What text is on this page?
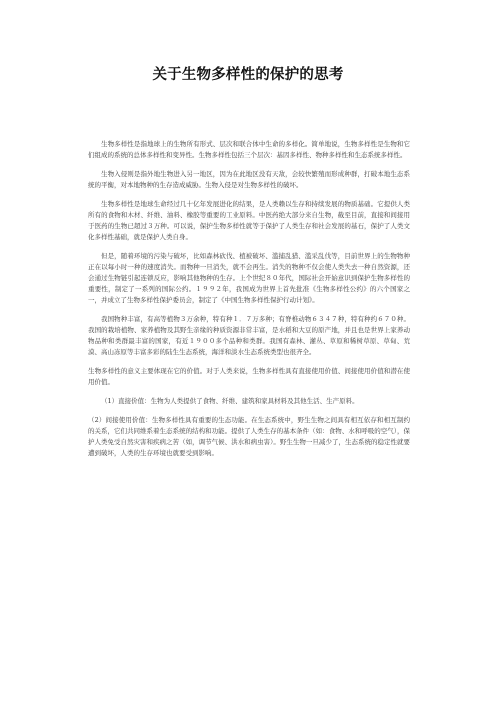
关于生物多样性的保护的思考

生物多样性是指地球上的生物所有形式、层次和联合体中生命的多样化。简单地说，生物多样性是生物和它们组成的系统的总体多样性和变异性。生物多样性包括三个层次：基因多样性、物种多样性和生态系统多样性。

生物入侵则是指外地生物进入另一地区，因为在此地区没有天敌，会较快繁殖而形成种群，打破本地生态系统的平衡，对本地物种的生存造成威胁。生物入侵是对生物多样性的破坏。

生物多样性是地球生命经过几十亿年发展进化的结果，是人类赖以生存和持续发展的物质基础。它提供人类所有的食物和木材、纤维、油料、橡胶等重要的工业原料。中医药绝大部分来自生物，截至目前，直接和间接用于医药的生物已超过３万种。可以说，保护生物多样性就等于保护了人类生存和社会发展的基石，保护了人类文化多样性基础，就是保护人类自身。

但是，随着环境的污染与破坏，比如森林砍伐、植被破坏、滥捕乱猎、滥采乱伐等，目前世界上的生物物种正在以每小时一种的速度消失。而物种一旦消失，就不会再生。消失的物种不仅会使人类失去一种自然资源，还会通过生物链引起连锁反应，影响其他物种的生存。上个世纪８０年代，国际社会开始意识到保护生物多样性的重要性，制定了一系列的国际公约。１９９２年，我国成为世界上首先批准《生物多样性公约》的六个国家之一，并成立了生物多样性保护委员会，制定了《中国生物多样性保护行动计划》。

我国物种丰富，有高等植物３万余种，特有种１．７万多种；有脊椎动物６３４７种，特有种约６７０种。我国的栽培植物、家养植物及其野生亲缘的种质资源非常丰富，是水稻和大豆的原产地，并且也是世界上家养动物品种和类群最丰富的国家，有近１９００多个品种和类群。我国有森林、灌丛、草原和稀树草原、草甸、荒漠、高山冻原等丰富多彩的陆生生态系统，海洋和淡水生态系统类型也很齐全。

生物多样性的意义主要体现在它的价值。对于人类来说，生物多样性具有直接使用价值、间接使用价值和潜在使用价值。

（1）直接价值：生物为人类提供了食物、纤维、建筑和家具材料及其他生活、生产原料。

（2）间接使用价值：生物多样性具有重要的生态功能。在生态系统中，野生生物之间具有相互依存和相互制约的关系，它们共同维系着生态系统的结构和功能。提供了人类生存的基本条件（如：食物、水和呼吸的空气），保护人类免受自然灾害和疾病之苦（如，调节气候、洪水和病虫害）。野生生物一旦减少了，生态系统的稳定性就要遭到破坏，人类的生存环境也就要受到影响。
